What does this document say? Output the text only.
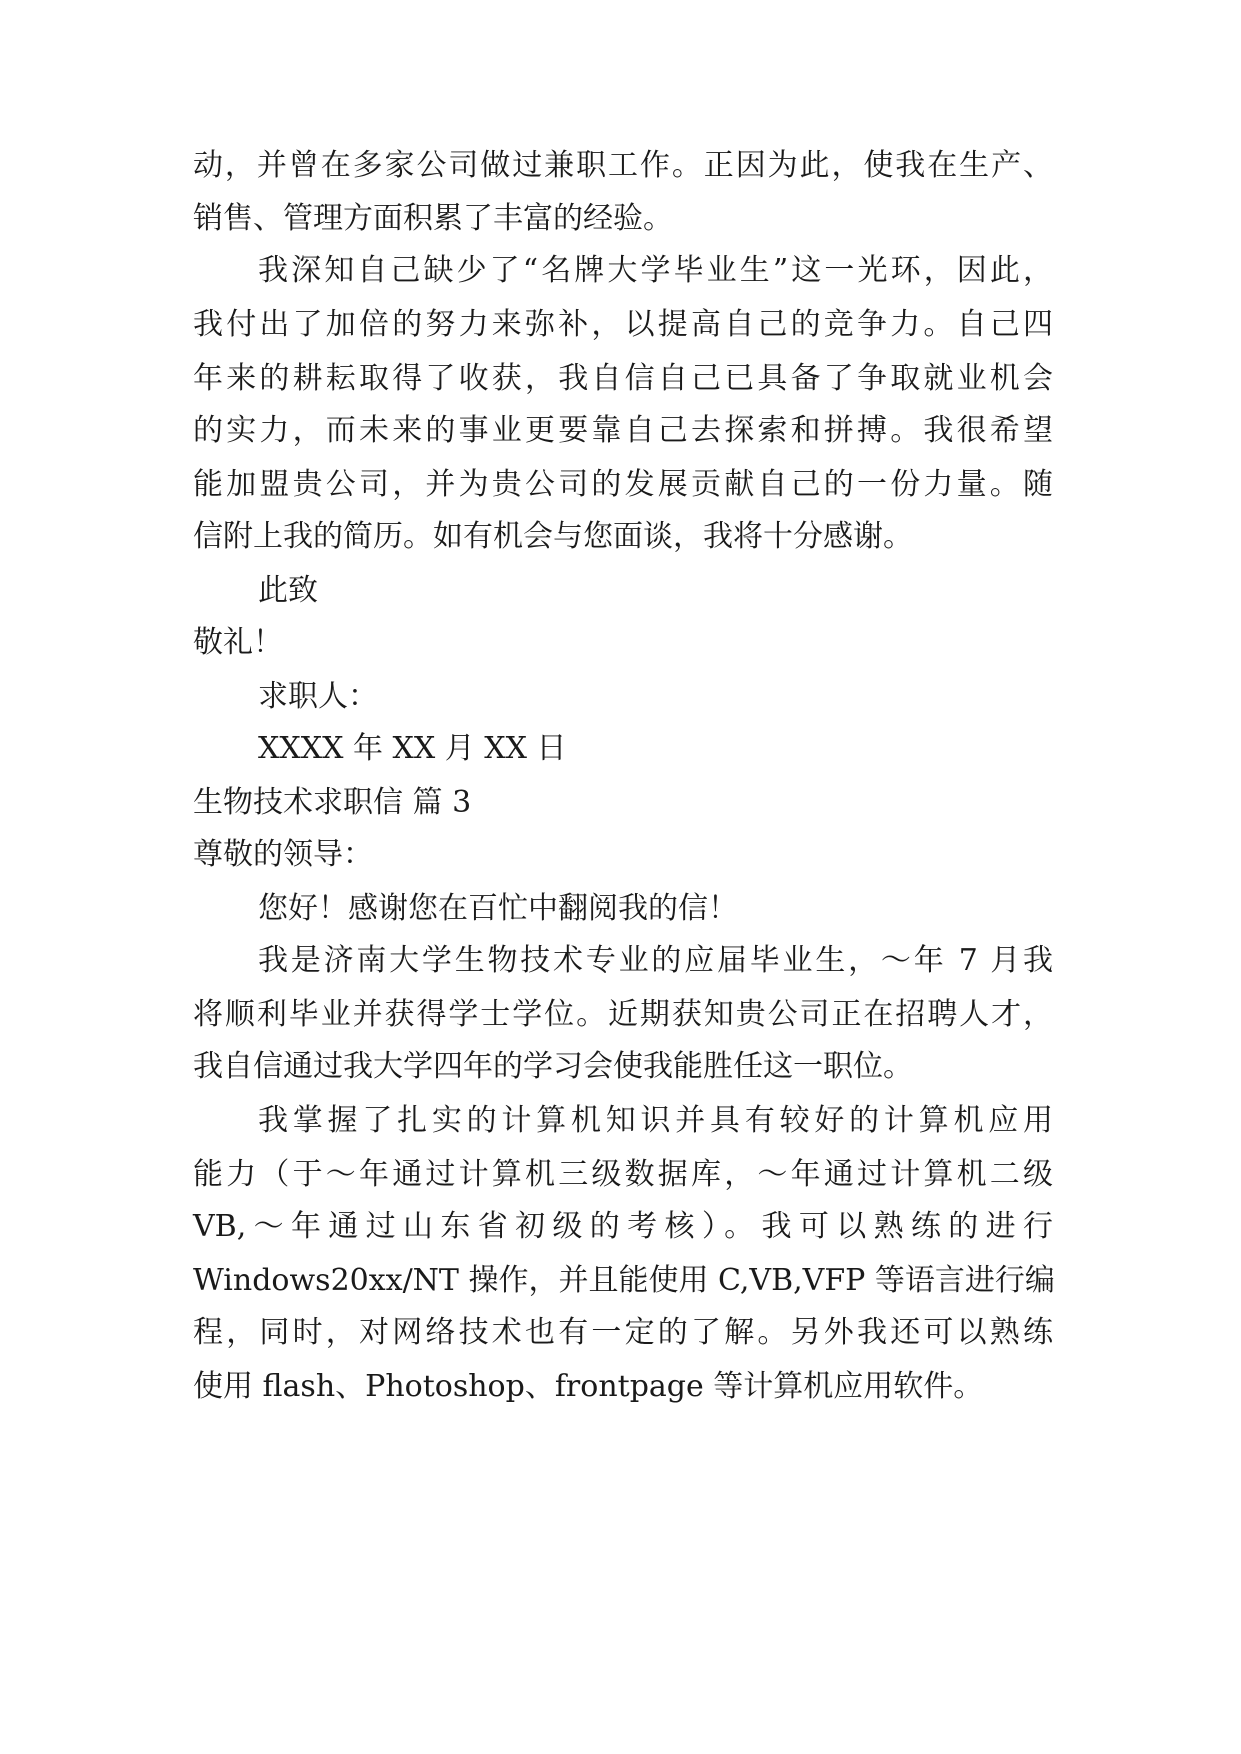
动，并曾在多家公司做过兼职工作。正因为此，使我在生产、
销售、管理方面积累了丰富的经验。
我深知自己缺少了“名牌大学毕业生”这一光环，因此，
我付出了加倍的努力来弥补，以提高自己的竞争力。自己四
年来的耕耘取得了收获，我自信自己已具备了争取就业机会
的实力，而未来的事业更要靠自己去探索和拼搏。我很希望
能加盟贵公司，并为贵公司的发展贡献自己的一份力量。随
信附上我的简历。如有机会与您面谈，我将十分感谢。
此致
敬礼！
求职人：
XXXX 年 XX 月 XX 日
生物技术求职信 篇 3
尊敬的领导：
您好！感谢您在百忙中翻阅我的信！
我是济南大学生物技术专业的应届毕业生，～年 7 月我
将顺利毕业并获得学士学位。近期获知贵公司正在招聘人才，
我自信通过我大学四年的学习会使我能胜任这一职位。
我掌握了扎实的计算机知识并具有较好的计算机应用
能力（于～年通过计算机三级数据库，～年通过计算机二级
VB,～年通过山东省初级的考核）。我可以熟练的进行
Windows20xx/NT 操作，并且能使用 C,VB,VFP 等语言进行编
程，同时，对网络技术也有一定的了解。另外我还可以熟练
使用 flash、Photoshop、frontpage 等计算机应用软件。
